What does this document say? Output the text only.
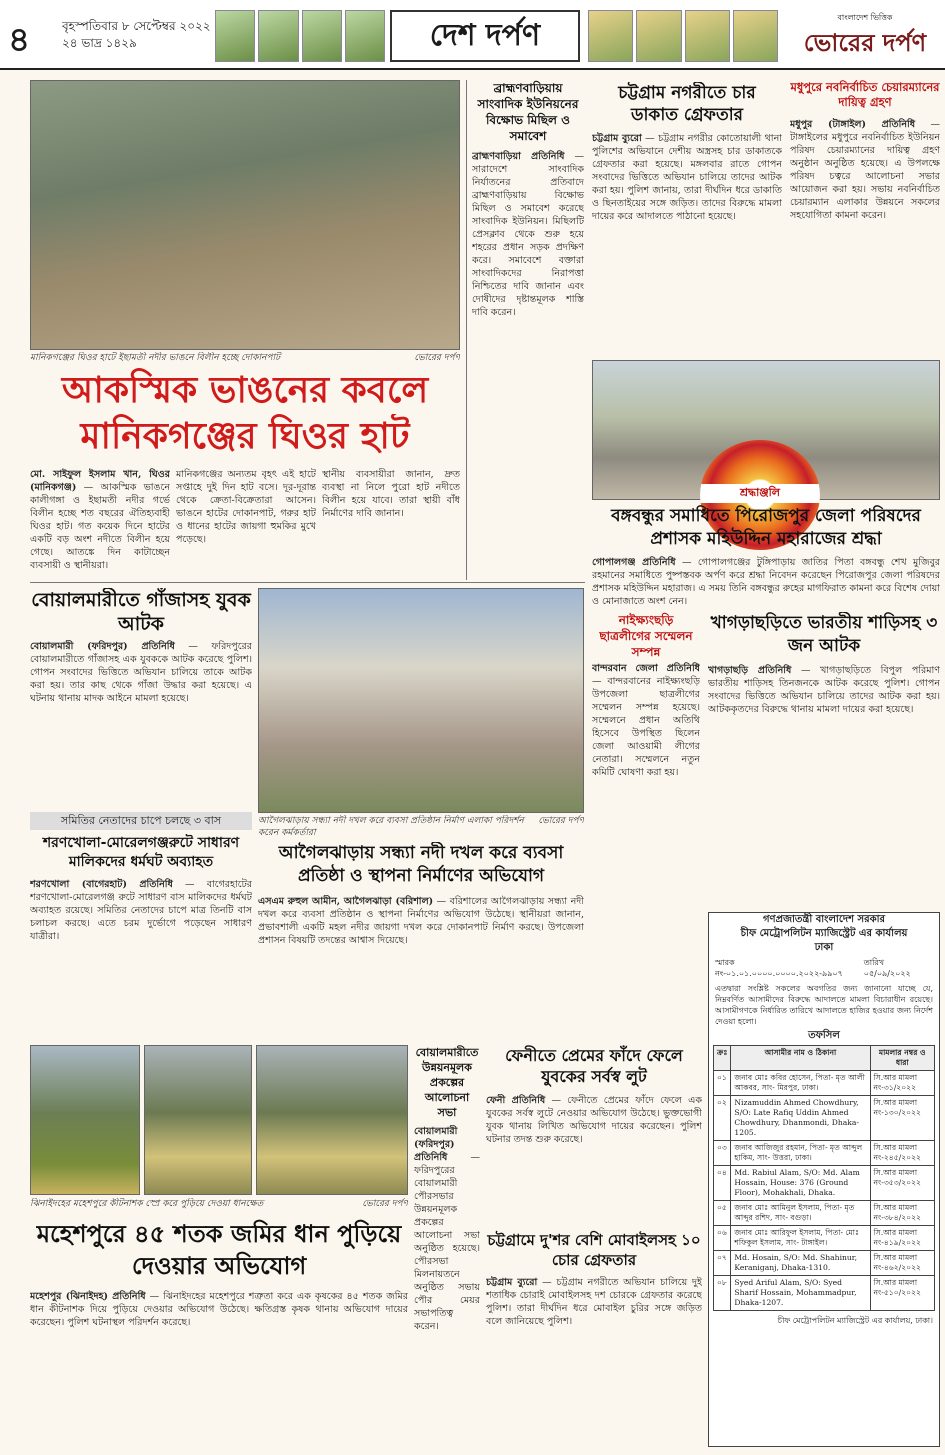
৪	বৃহস্পতিবার ৮ সেপ্টেম্বর ২০২২
২৪ ভাদ্র ১৪২৯	দেশ দর্পণ
বাংলাদেশ ভিত্তিক
ভোরের দর্পণ
মানিকগঞ্জের ঘিওর হাটে ইছামতী নদীর ভাঙনে বিলীন হচ্ছে দোকানপাট	ভোরের দর্পণ
আকস্মিক ভাঙনের কবলে
মানিকগঞ্জের ঘিওর হাট
মো. সাইফুল ইসলাম খান, ঘিওর (মানিকগঞ্জ) — আকস্মিক ভাঙনে কালীগঙ্গা ও ইছামতী নদীর গর্ভে বিলীন হচ্ছে শত বছরের ঐতিহ্যবাহী ঘিওর হাট। গত কয়েক দিনে হাটের একটি বড় অংশ নদীতে বিলীন হয়ে গেছে। আতঙ্কে দিন কাটাচ্ছেন ব্যবসায়ী ও স্থানীয়রা।
মানিকগঞ্জের অন্যতম বৃহৎ এই হাটে সপ্তাহে দুই দিন হাট বসে। দূর-দূরান্ত থেকে ক্রেতা-বিক্রেতারা আসেন। ভাঙনে হাটের দোকানপাট, গরুর হাট ও ধানের হাটের জায়গা হুমকির মুখে পড়েছে।
স্থানীয় ব্যবসায়ীরা জানান, দ্রুত ব্যবস্থা না নিলে পুরো হাট নদীতে বিলীন হয়ে যাবে। তারা স্থায়ী বাঁধ নির্মাণের দাবি জানান।
ব্রাহ্মণবাড়িয়ায় সাংবাদিক ইউনিয়নের বিক্ষোভ মিছিল ও সমাবেশ
ব্রাহ্মণবাড়িয়া প্রতিনিধি — সারাদেশে সাংবাদিক নির্যাতনের প্রতিবাদে ব্রাহ্মণবাড়িয়ায় বিক্ষোভ মিছিল ও সমাবেশ করেছে সাংবাদিক ইউনিয়ন। মিছিলটি প্রেসক্লাব থেকে শুরু হয়ে শহরের প্রধান সড়ক প্রদক্ষিণ করে। সমাবেশে বক্তারা সাংবাদিকদের নিরাপত্তা নিশ্চিতের দাবি জানান এবং দোষীদের দৃষ্টান্তমূলক শাস্তি দাবি করেন।
চট্টগ্রাম নগরীতে চার ডাকাত গ্রেফতার
চট্টগ্রাম ব্যুরো — চট্টগ্রাম নগরীর কোতোয়ালী থানা পুলিশের অভিযানে দেশীয় অস্ত্রসহ চার ডাকাতকে গ্রেফতার করা হয়েছে। মঙ্গলবার রাতে গোপন সংবাদের ভিত্তিতে অভিযান চালিয়ে তাদের আটক করা হয়। পুলিশ জানায়, তারা দীর্ঘদিন ধরে ডাকাতি ও ছিনতাইয়ের সঙ্গে জড়িত। তাদের বিরুদ্ধে মামলা দায়ের করে আদালতে পাঠানো হয়েছে।
মধুপুরে নবনির্বাচিত চেয়ারম্যানের দায়িত্ব গ্রহণ
মধুপুর (টাঙ্গাইল) প্রতিনিধি — টাঙ্গাইলের মধুপুরে নবনির্বাচিত ইউনিয়ন পরিষদ চেয়ারম্যানের দায়িত্ব গ্রহণ অনুষ্ঠান অনুষ্ঠিত হয়েছে। এ উপলক্ষে পরিষদ চত্বরে আলোচনা সভার আয়োজন করা হয়। সভায় নবনির্বাচিত চেয়ারম্যান এলাকার উন্নয়নে সকলের সহযোগিতা কামনা করেন।
শ্রদ্ধাঞ্জলি
বঙ্গবন্ধুর সমাধিতে পিরোজপুর জেলা পরিষদের প্রশাসক মহিউদ্দিন মহারাজের শ্রদ্ধা
গোপালগঞ্জ প্রতিনিধি — গোপালগঞ্জের টুঙ্গিপাড়ায় জাতির পিতা বঙ্গবন্ধু শেখ মুজিবুর রহমানের সমাধিতে পুষ্পস্তবক অর্পণ করে শ্রদ্ধা নিবেদন করেছেন পিরোজপুর জেলা পরিষদের প্রশাসক মহিউদ্দিন মহারাজ। এ সময় তিনি বঙ্গবন্ধুর রুহের মাগফিরাত কামনা করে বিশেষ দোয়া ও মোনাজাতে অংশ নেন।
বোয়ালমারীতে গাঁজাসহ যুবক আটক
বোয়ালমারী (ফরিদপুর) প্রতিনিধি — ফরিদপুরের বোয়ালমারীতে গাঁজাসহ এক যুবককে আটক করেছে পুলিশ। গোপন সংবাদের ভিত্তিতে অভিযান চালিয়ে তাকে আটক করা হয়। তার কাছ থেকে গাঁজা উদ্ধার করা হয়েছে। এ ঘটনায় থানায় মাদক আইনে মামলা হয়েছে।
সমিতির নেতাদের চাপে চলছে ৩ বাস
শরণখোলা-মোরেলগঞ্জরুটে সাধারণ মালিকদের ধর্মঘট অব্যাহত
শরণখোলা (বাগেরহাট) প্রতিনিধি — বাগেরহাটের শরণখোলা-মোরেলগঞ্জ রুটে সাধারণ বাস মালিকদের ধর্মঘট অব্যাহত রয়েছে। সমিতির নেতাদের চাপে মাত্র তিনটি বাস চলাচল করছে। এতে চরম দুর্ভোগে পড়েছেন সাধারণ যাত্রীরা।
আগৈলঝাড়ায় সন্ধ্যা নদী দখল করে ব্যবসা প্রতিষ্ঠান নির্মাণ এলাকা পরিদর্শন করেন কর্মকর্তারা
ভোরের দর্পণ
আগৈলঝাড়ায় সন্ধ্যা নদী দখল করে ব্যবসা প্রতিষ্ঠা ও স্থাপনা নির্মাণের অভিযোগ
এসএম রুহুল আমীন, আগৈলঝাড়া (বরিশাল) — বরিশালের আগৈলঝাড়ায় সন্ধ্যা নদী দখল করে ব্যবসা প্রতিষ্ঠান ও স্থাপনা নির্মাণের অভিযোগ উঠেছে। স্থানীয়রা জানান, প্রভাবশালী একটি মহল নদীর জায়গা দখল করে দোকানপাট নির্মাণ করছে। উপজেলা প্রশাসন বিষয়টি তদন্তের আশ্বাস দিয়েছে।
নাইক্ষ্যংছড়ি ছাত্রলীগের সম্মেলন সম্পন্ন
বান্দরবান জেলা প্রতিনিধি — বান্দরবানের নাইক্ষ্যংছড়ি উপজেলা ছাত্রলীগের সম্মেলন সম্পন্ন হয়েছে। সম্মেলনে প্রধান অতিথি হিসেবে উপস্থিত ছিলেন জেলা আওয়ামী লীগের নেতারা। সম্মেলনে নতুন কমিটি ঘোষণা করা হয়।
খাগড়াছড়িতে ভারতীয় শাড়িসহ ৩ জন আটক
খাগড়াছড়ি প্রতিনিধি — খাগড়াছড়িতে বিপুল পরিমাণ ভারতীয় শাড়িসহ তিনজনকে আটক করেছে পুলিশ। গোপন সংবাদের ভিত্তিতে অভিযান চালিয়ে তাদের আটক করা হয়। আটককৃতদের বিরুদ্ধে থানায় মামলা দায়ের করা হয়েছে।
গণপ্রজাতন্ত্রী বাংলাদেশ সরকার
চীফ মেট্রোপলিটন ম্যাজিস্ট্রেট এর কার্যালয়
ঢাকা
স্মারক নং-০১.০১.০০০০.০০০০.২০২২-৯৯০৭
তারিখ ০৫/০৯/২০২২
এতদ্বারা সংশ্লিষ্ট সকলের অবগতির জন্য জানানো যাচ্ছে যে, নিম্নবর্ণিত আসামীদের বিরুদ্ধে আদালতে মামলা বিচারাধীন রয়েছে। আসামীগণকে নির্ধারিত তারিখে আদালতে হাজির হওয়ার জন্য নির্দেশ দেওয়া হলো।
তফসিল
ক্রঃ	আসামীর নাম ও ঠিকানা	মামলার নম্বর ও ধারা
০১	জনাব মোঃ কবির হোসেন, পিতা- মৃত আলী আকবর, সাং- মিরপুর, ঢাকা।	সি.আর মামলা নং-৩১/২০২২
০২	Nizamuddin Ahmed Chowdhury, S/O: Late Rafiq Uddin Ahmed Chowdhury, Dhanmondi, Dhaka-1205.	সি.আর মামলা নং-১৩০/২০২২
০৩	জনাব আজিজুর রহমান, পিতা- মৃত আব্দুল হাকিম, সাং- উত্তরা, ঢাকা।	সি.আর মামলা নং-২৪৫/২০২২
০৪	Md. Rabiul Alam, S/O: Md. Alam Hossain, House: 376 (Ground Floor), Mohakhali, Dhaka.	সি.আর মামলা নং-৩৫৩/২০২২
০৫	জনাব মোঃ আমিনুল ইসলাম, পিতা- মৃত আব্দুর রশিদ, সাং- বগুড়া।	সি.আর মামলা নং-৩৮৪/২০২২
০৬	জনাব মোঃ আরিফুল ইসলাম, পিতা- মোঃ শফিকুল ইসলাম, সাং- টাঙ্গাইল।	সি.আর মামলা নং-৪১৯/২০২২
০৭	Md. Hosain, S/O: Md. Shahinur, Keraniganj, Dhaka-1310.	সি.আর মামলা নং-৪৬২/২০২২
০৮	Syed Ariful Alam, S/O: Syed Sharif Hossain, Mohammadpur, Dhaka-1207.	সি.আর মামলা নং-৫১০/২০২২
চীফ মেট্রোপলিটন ম্যাজিস্ট্রেট এর কার্যালয়, ঢাকা।
ঝিনাইদহের মহেশপুরে কীটনাশক স্প্রে করে পুড়িয়ে দেওয়া ধানক্ষেত	ভোরের দর্পণ
মহেশপুরে ৪৫ শতক জমির ধান পুড়িয়ে দেওয়ার অভিযোগ
মহেশপুর (ঝিনাইদহ) প্রতিনিধি — ঝিনাইদহের মহেশপুরে শত্রুতা করে এক কৃষকের ৪৫ শতক জমির ধান কীটনাশক দিয়ে পুড়িয়ে দেওয়ার অভিযোগ উঠেছে। ক্ষতিগ্রস্ত কৃষক থানায় অভিযোগ দায়ের করেছেন। পুলিশ ঘটনাস্থল পরিদর্শন করেছে।
বোয়ালমারীতে উন্নয়নমূলক প্রকল্পের আলোচনা সভা
বোয়ালমারী (ফরিদপুর) প্রতিনিধি — ফরিদপুরের বোয়ালমারী পৌরসভার উন্নয়নমূলক প্রকল্পের আলোচনা সভা অনুষ্ঠিত হয়েছে। পৌরসভা মিলনায়তনে অনুষ্ঠিত সভায় পৌর মেয়র সভাপতিত্ব করেন।
ফেনীতে প্রেমের ফাঁদে ফেলে যুবকের সর্বস্ব লুট
ফেনী প্রতিনিধি — ফেনীতে প্রেমের ফাঁদে ফেলে এক যুবকের সর্বস্ব লুটে নেওয়ার অভিযোগ উঠেছে। ভুক্তভোগী যুবক থানায় লিখিত অভিযোগ দায়ের করেছেন। পুলিশ ঘটনার তদন্ত শুরু করেছে।
চট্টগ্রামে দু'শর বেশি মোবাইলসহ ১০ চোর গ্রেফতার
চট্টগ্রাম ব্যুরো — চট্টগ্রাম নগরীতে অভিযান চালিয়ে দুই শতাধিক চোরাই মোবাইলসহ দশ চোরকে গ্রেফতার করেছে পুলিশ। তারা দীর্ঘদিন ধরে মোবাইল চুরির সঙ্গে জড়িত বলে জানিয়েছে পুলিশ।
